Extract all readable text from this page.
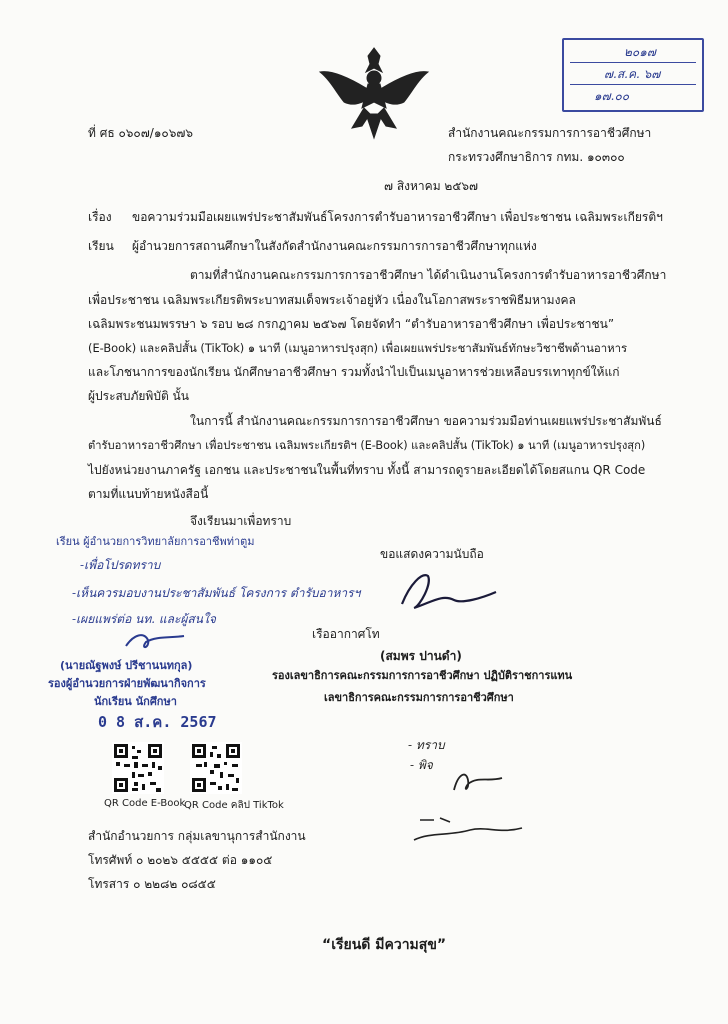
๒๐๑๗
๗.ส.ค. ๖๗
๑๗.๐๐
ที่ ศธ ๐๖๐๗/๑๐๖๗๖	สำนักงานคณะกรรมการการอาชีวศึกษา
กระทรวงศึกษาธิการ กทม. ๑๐๓๐๐
๗ สิงหาคม ๒๕๖๗
เรื่อง ขอความร่วมมือเผยแพร่ประชาสัมพันธ์โครงการตำรับอาหารอาชีวศึกษา เพื่อประชาชน เฉลิมพระเกียรติฯ
เรียน ผู้อำนวยการสถานศึกษาในสังกัดสำนักงานคณะกรรมการการอาชีวศึกษาทุกแห่ง
ตามที่สำนักงานคณะกรรมการการอาชีวศึกษา ได้ดำเนินงานโครงการตำรับอาหารอาชีวศึกษา
เพื่อประชาชน เฉลิมพระเกียรติพระบาทสมเด็จพระเจ้าอยู่หัว เนื่องในโอกาสพระราชพิธีมหามงคล
เฉลิมพระชนมพรรษา ๖ รอบ ๒๘ กรกฎาคม ๒๕๖๗ โดยจัดทำ “ตำรับอาหารอาชีวศึกษา เพื่อประชาชน”
(E-Book) และคลิปสั้น (TikTok) ๑ นาที (เมนูอาหารปรุงสุก) เพื่อเผยแพร่ประชาสัมพันธ์ทักษะวิชาชีพด้านอาหาร
และโภชนาการของนักเรียน นักศึกษาอาชีวศึกษา รวมทั้งนำไปเป็นเมนูอาหารช่วยเหลือบรรเทาทุกข์ให้แก่
ผู้ประสบภัยพิบัติ นั้น
ในการนี้ สำนักงานคณะกรรมการการอาชีวศึกษา ขอความร่วมมือท่านเผยแพร่ประชาสัมพันธ์
ตำรับอาหารอาชีวศึกษา เพื่อประชาชน เฉลิมพระเกียรติฯ (E-Book) และคลิปสั้น (TikTok) ๑ นาที (เมนูอาหารปรุงสุก)
ไปยังหน่วยงานภาครัฐ เอกชน และประชาชนในพื้นที่ทราบ ทั้งนี้ สามารถดูรายละเอียดได้โดยสแกน QR Code
ตามที่แนบท้ายหนังสือนี้
จึงเรียนมาเพื่อทราบ
เรียน ผู้อำนวยการวิทยาลัยการอาชีพท่าตูม
-เพื่อโปรดทราบ
-เห็นควรมอบงานประชาสัมพันธ์ โครงการ ตำรับอาหารฯ
-เผยแพร่ต่อ นท. และผู้สนใจ
ขอแสดงความนับถือ
เรืออากาศโท
(สมพร ปานดำ)
รองเลขาธิการคณะกรรมการการอาชีวศึกษา ปฏิบัติราชการแทน
เลขาธิการคณะกรรมการการอาชีวศึกษา
(นายณัฐพงษ์ ปรีชานนทกุล)
รองผู้อำนวยการฝ่ายพัฒนากิจการ
นักเรียน นักศึกษา
0 8 ส.ค. 2567
- ทราบ
- พิจ
QR Code E-Book
QR Code คลิป TikTok
สำนักอำนวยการ กลุ่มเลขานุการสำนักงาน
โทรศัพท์ ๐ ๒๐๒๖ ๕๕๕๕ ต่อ ๑๑๐๕
โทรสาร ๐ ๒๒๘๒ ๐๘๕๕
“เรียนดี มีความสุข”
